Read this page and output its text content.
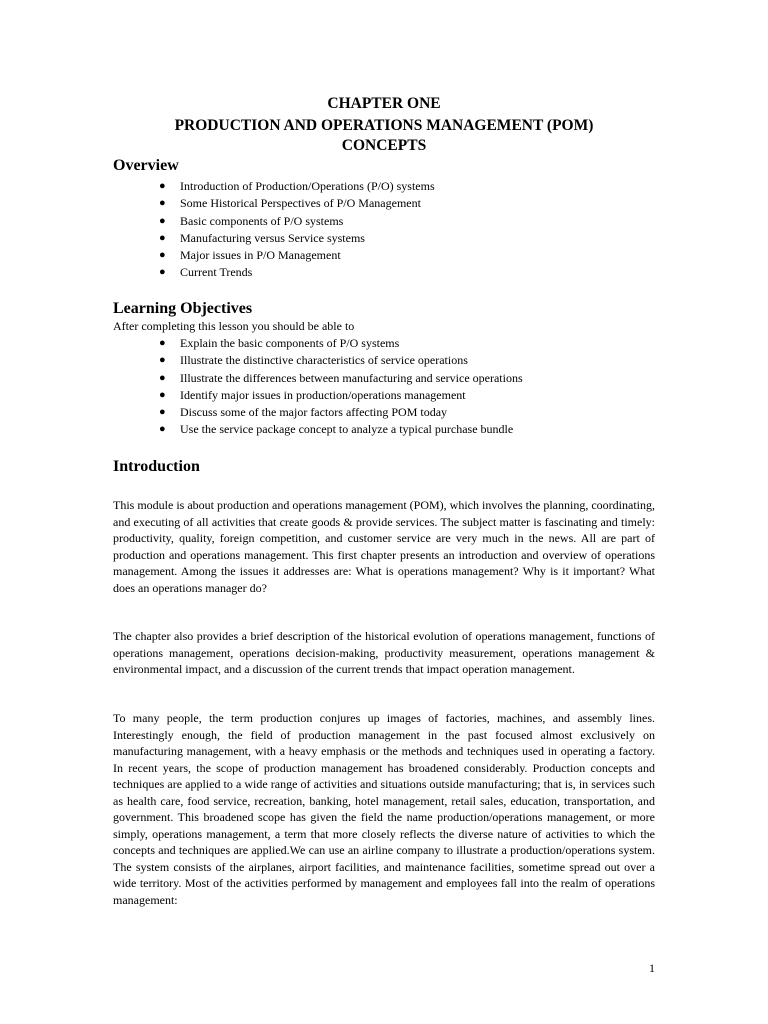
CHAPTER ONE
PRODUCTION AND OPERATIONS MANAGEMENT (POM)
CONCEPTS
Overview
● Introduction of Production/Operations (P/O) systems
● Some Historical Perspectives of P/O Management
● Basic components of P/O systems
● Manufacturing versus Service systems
● Major issues in P/O Management
● Current Trends
Learning Objectives

After completing this lesson you should be able to

● Explain the basic components of P/O systems
● Illustrate the distinctive characteristics of service operations
● Illustrate the differences between manufacturing and service operations
● Identify major issues in production/operations management
● Discuss some of the major factors affecting POM today
● Use the service package concept to analyze a typical purchase bundle
Introduction

This module is about production and operations management (POM), which involves the planning, coordinating, and executing of all activities that create goods & provide services. The subject matter is fascinating and timely: productivity, quality, foreign competition, and customer service are very much in the news. All are part of production and operations management. This first chapter presents an introduction and overview of operations management. Among the issues it addresses are: What is operations management? Why is it important? What does an operations manager do?

The chapter also provides a brief description of the historical evolution of operations management, functions of operations management, operations decision-making, productivity measurement, operations management & environmental impact, and a discussion of the current trends that impact operation management.

To many people, the term production conjures up images of factories, machines, and assembly lines. Interestingly enough, the field of production management in the past focused almost exclusively on manufacturing management, with a heavy emphasis or the methods and techniques used in operating a factory. In recent years, the scope of production management has broadened considerably. Production concepts and techniques are applied to a wide range of activities and situations outside manufacturing; that is, in services such as health care, food service, recreation, banking, hotel management, retail sales, education, transportation, and government. This broadened scope has given the field the name production/operations management, or more simply, operations management, a term that more closely reflects the diverse nature of activities to which the concepts and techniques are applied.We can use an airline company to illustrate a production/operations system. The system consists of the airplanes, airport facilities, and maintenance facilities, sometime spread out over a wide territory. Most of the activities performed by management and employees fall into the realm of operations management:

1
